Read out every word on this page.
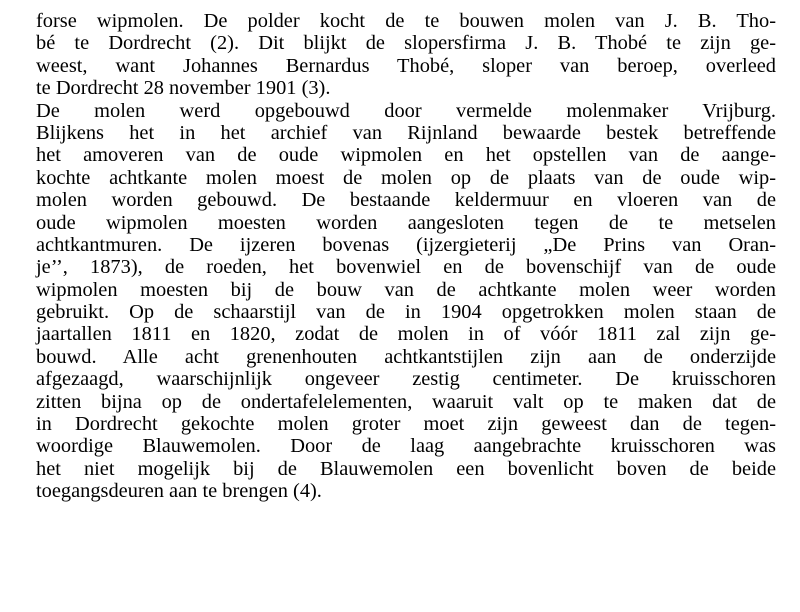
forse wipmolen. De polder kocht de te bouwen molen van J. B. Tho-
bé te Dordrecht (2). Dit blijkt de slopersfirma J. B. Thobé te zijn ge-
weest, want Johannes Bernardus Thobé, sloper van beroep, overleed
te Dordrecht 28 november 1901 (3).
De molen werd opgebouwd door vermelde molenmaker Vrijburg.
Blijkens het in het archief van Rijnland bewaarde bestek betreffende
het amoveren van de oude wipmolen en het opstellen van de aange-
kochte achtkante molen moest de molen op de plaats van de oude wip-
molen worden gebouwd. De bestaande keldermuur en vloeren van de
oude wipmolen moesten worden aangesloten tegen de te metselen
achtkantmuren. De ijzeren bovenas (ijzergieterij „De Prins van Oran-
je’’, 1873), de roeden, het bovenwiel en de bovenschijf van de oude
wipmolen moesten bij de bouw van de achtkante molen weer worden
gebruikt. Op de schaarstijl van de in 1904 opgetrokken molen staan de
jaartallen 1811 en 1820, zodat de molen in of vóór 1811 zal zijn ge-
bouwd. Alle acht grenenhouten achtkantstijlen zijn aan de onderzijde
afgezaagd, waarschijnlijk ongeveer zestig centimeter. De kruisschoren
zitten bijna op de ondertafelelementen, waaruit valt op te maken dat de
in Dordrecht gekochte molen groter moet zijn geweest dan de tegen-
woordige Blauwemolen. Door de laag aangebrachte kruisschoren was
het niet mogelijk bij de Blauwemolen een bovenlicht boven de beide
toegangsdeuren aan te brengen (4).
